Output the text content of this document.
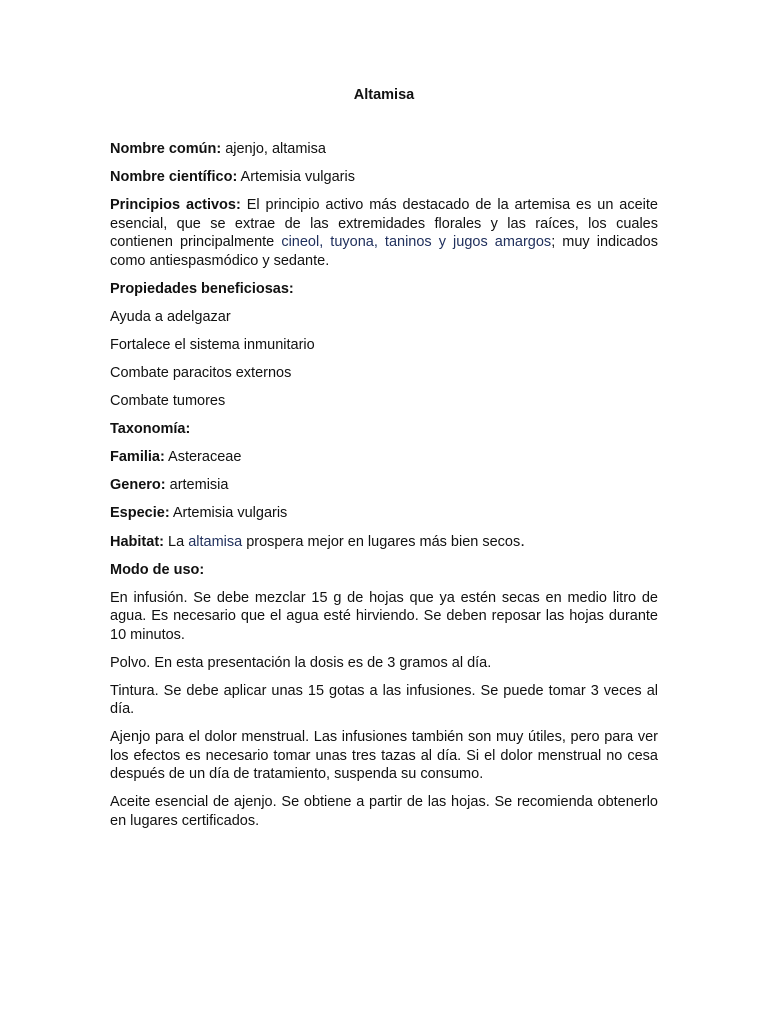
Altamisa

Nombre común: ajenjo, altamisa

Nombre científico: Artemisia vulgaris

Principios activos: El principio activo más destacado de la artemisa es un aceite esencial, que se extrae de las extremidades florales y las raíces, los cuales contienen principalmente cineol, tuyona, taninos y jugos amargos; muy indicados como antiespasmódico y sedante.

Propiedades beneficiosas:

Ayuda a adelgazar

Fortalece el sistema inmunitario

Combate paracitos externos

Combate tumores

Taxonomía:

Familia: Asteraceae

Genero: artemisia

Especie: Artemisia vulgaris

Habitat: La altamisa prospera mejor en lugares más bien secos.

Modo de uso:

En infusión. Se debe mezclar 15 g de hojas que ya estén secas en medio litro de agua. Es necesario que el agua esté hirviendo. Se deben reposar las hojas durante 10 minutos.

Polvo. En esta presentación la dosis es de 3 gramos al día.

Tintura. Se debe aplicar unas 15 gotas a las infusiones. Se puede tomar 3 veces al día.

Ajenjo para el dolor menstrual. Las infusiones también son muy útiles, pero para ver los efectos es necesario tomar unas tres tazas al día. Si el dolor menstrual no cesa después de un día de tratamiento, suspenda su consumo.

Aceite esencial de ajenjo. Se obtiene a partir de las hojas. Se recomienda obtenerlo en lugares certificados.
